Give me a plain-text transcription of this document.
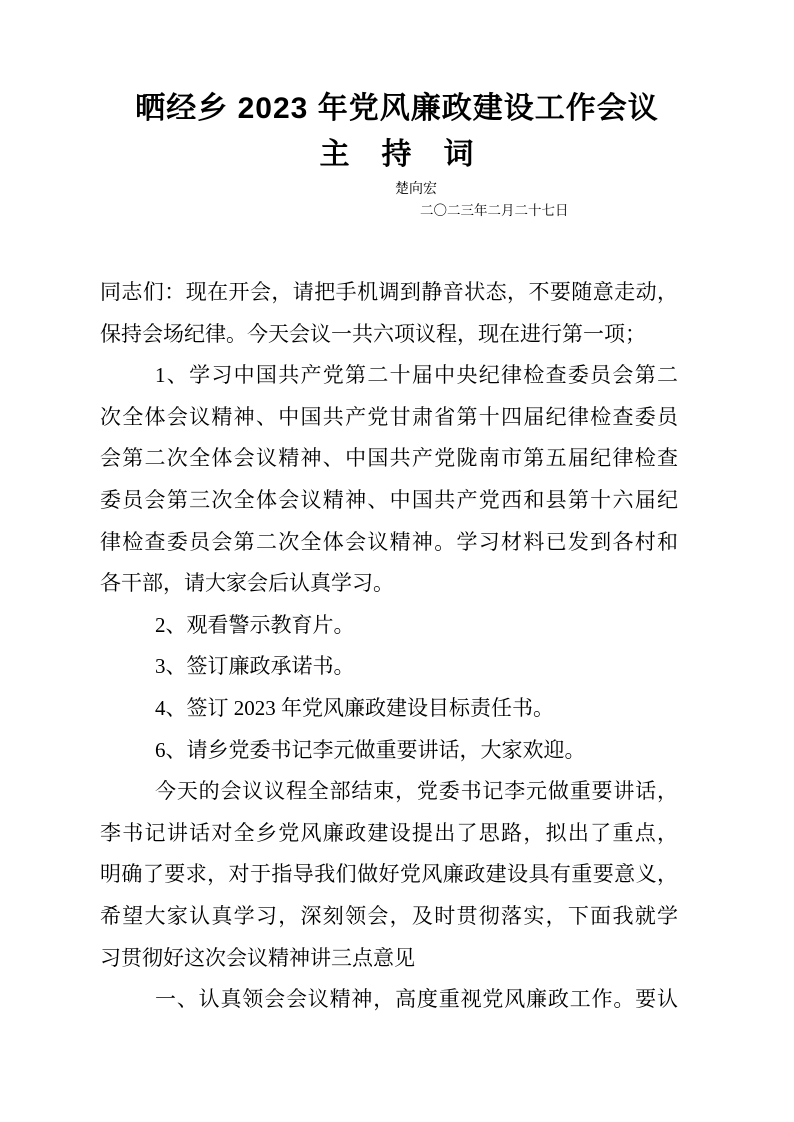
晒经乡 2023 年党风廉政建设工作会议
主　持　词
楚向宏
二〇二三年二月二十七日
同志们：现在开会，请把手机调到静音状态，不要随意走动，
保持会场纪律。今天会议一共六项议程，现在进行第一项；
1、学习中国共产党第二十届中央纪律检查委员会第二
次全体会议精神、中国共产党甘肃省第十四届纪律检查委员
会第二次全体会议精神、中国共产党陇南市第五届纪律检查
委员会第三次全体会议精神、中国共产党西和县第十六届纪
律检查委员会第二次全体会议精神。学习材料已发到各村和
各干部，请大家会后认真学习。
2、观看警示教育片。
3、签订廉政承诺书。
4、签订 2023 年党风廉政建设目标责任书。
6、请乡党委书记李元做重要讲话，大家欢迎。
今天的会议议程全部结束，党委书记李元做重要讲话，
李书记讲话对全乡党风廉政建设提出了思路，拟出了重点，
明确了要求，对于指导我们做好党风廉政建设具有重要意义，
希望大家认真学习，深刻领会，及时贯彻落实，下面我就学
习贯彻好这次会议精神讲三点意见
一、认真领会会议精神，高度重视党风廉政工作。要认
